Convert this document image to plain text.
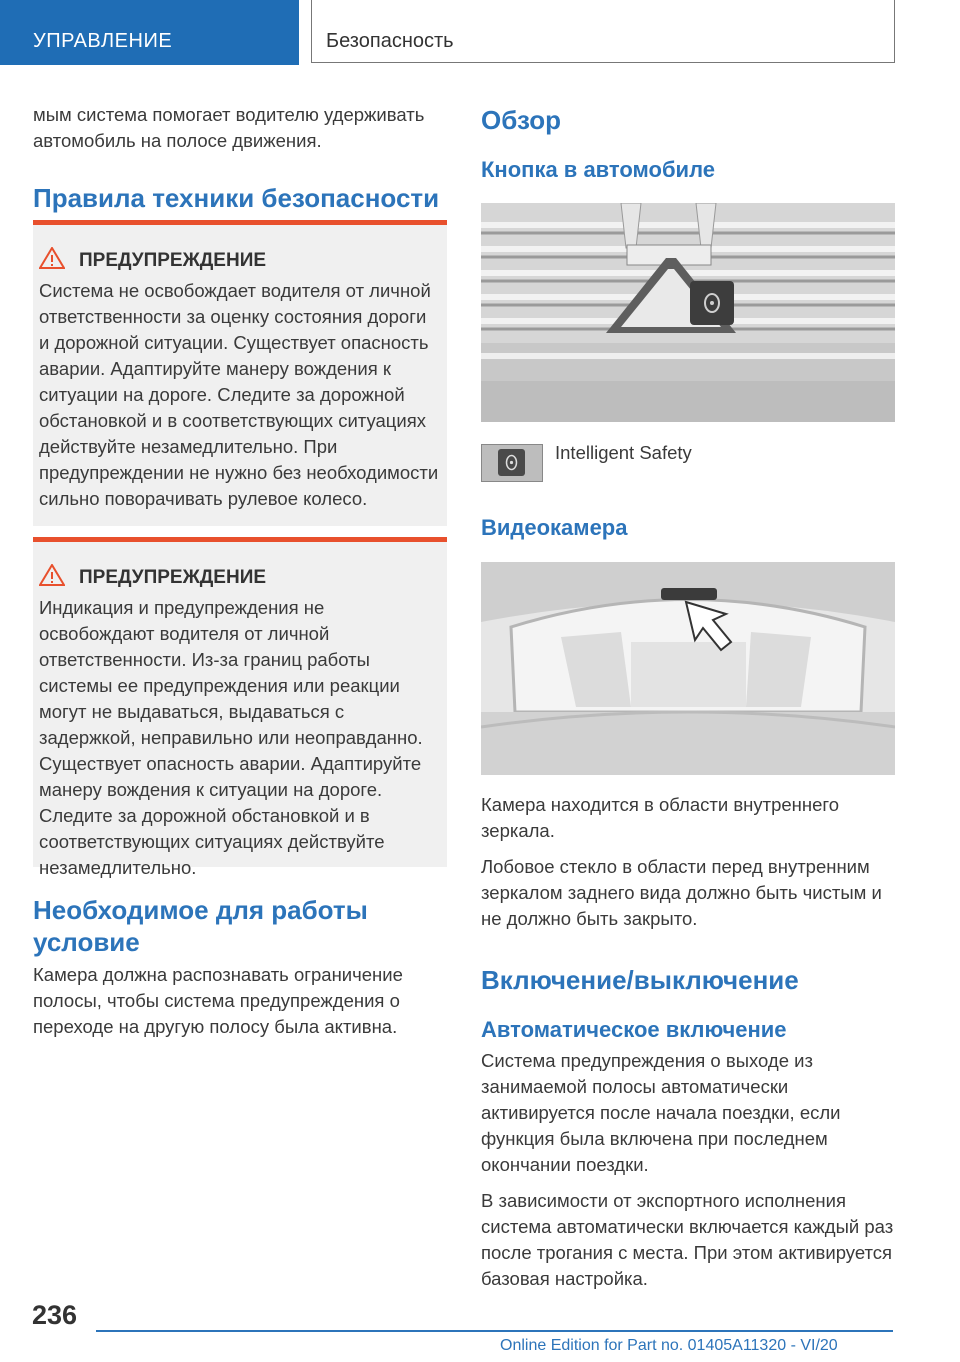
УПРАВЛЕНИЕ	Безопасность

мым система помогает водителю удерживать автомобиль на полосе движения.

Правила техники безопасности
ПРЕДУПРЕЖДЕНИЕ

Система не освобождает водителя от личной ответственности за оценку состояния дороги и дорожной ситуации. Существует опасность аварии. Адаптируйте манеру вождения к ситуации на дороге. Следите за дорожной обстановкой и в соответствующих ситуациях действуйте незамедлительно. При предупреждении не нужно без необходимости сильно поворачивать рулевое колесо.

ПРЕДУПРЕЖДЕНИЕ

Индикация и предупреждения не освобождают водителя от личной ответственности. Из-за границ работы системы ее предупреждения или реакции могут не выдаваться, выдаваться с задержкой, неправильно или неоправданно. Существует опасность аварии. Адаптируйте манеру вождения к ситуации на дороге. Следите за дорожной обстановкой и в соответствующих ситуациях действуйте незамедлительно.

Необходимое для работы условие

Камера должна распознавать ограничение полосы, чтобы система предупреждения о переходе на другую полосу была активна.

Обзор
Кнопка в автомобиле

Intelligent Safety

Видеокамера

Камера находится в области внутреннего зеркала.

Лобовое стекло в области перед внутренним зеркалом заднего вида должно быть чистым и не должно быть закрыто.

Включение/выключение
Автоматическое включение

Система предупреждения о выходе из занимаемой полосы автоматически активируется после начала поездки, если функция была включена при последнем окончании поездки.

В зависимости от экспортного исполнения система автоматически включается каждый раз после трогания с места. При этом активируется базовая настройка.

236
Online Edition for Part no. 01405A11320 - VI/20
